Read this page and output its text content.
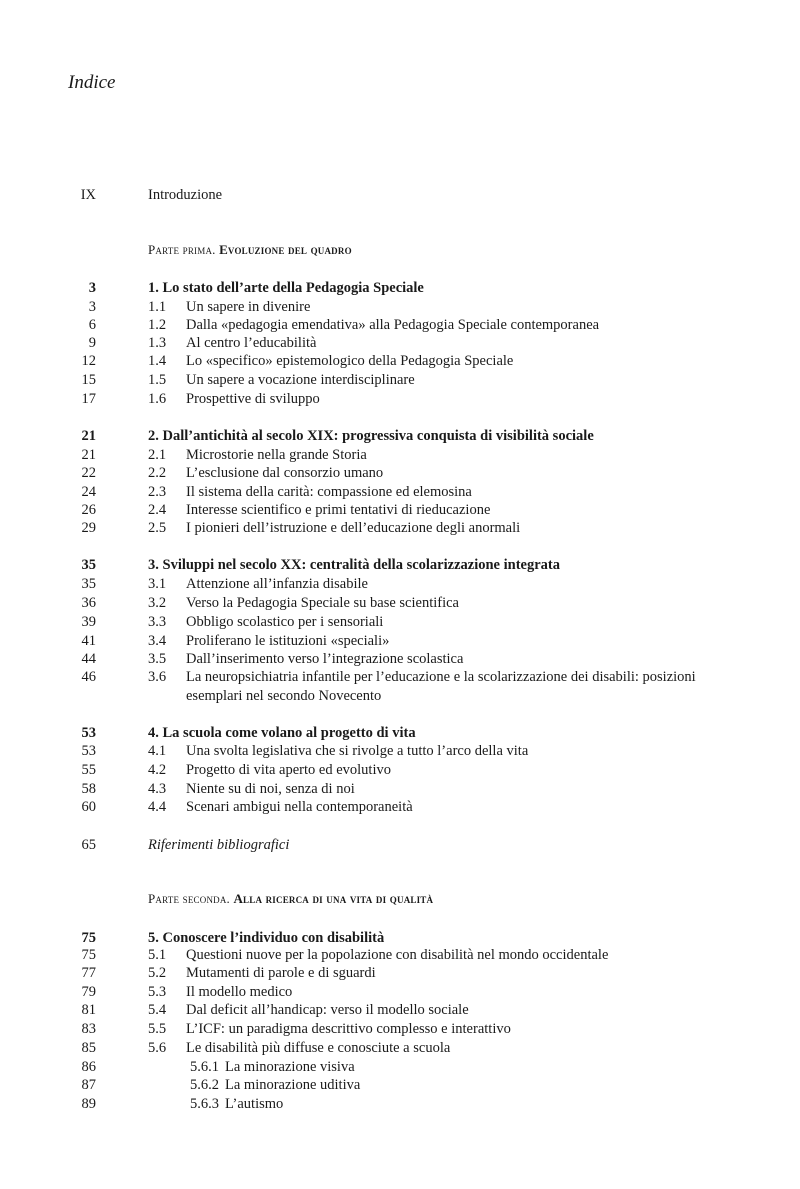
Indice
IX	Introduzione
Parte prima. Evoluzione del quadro
3	1. Lo stato dell’arte della Pedagogia Speciale
3	1.1 Un sapere in divenire
6	1.2 Dalla «pedagogia emendativa» alla Pedagogia Speciale contemporanea
9	1.3 Al centro l’educabilità
12	1.4 Lo «specifico» epistemologico della Pedagogia Speciale
15	1.5 Un sapere a vocazione interdisciplinare
17	1.6 Prospettive di sviluppo
21	2. Dall’antichità al secolo XIX: progressiva conquista di visibilità sociale
21	2.1 Microstorie nella grande Storia
22	2.2 L’esclusione dal consorzio umano
24	2.3 Il sistema della carità: compassione ed elemosina
26	2.4 Interesse scientifico e primi tentativi di rieducazione
29	2.5 I pionieri dell’istruzione e dell’educazione degli anormali
35	3. Sviluppi nel secolo XX: centralità della scolarizzazione integrata
35	3.1 Attenzione all’infanzia disabile
36	3.2 Verso la Pedagogia Speciale su base scientifica
39	3.3 Obbligo scolastico per i sensoriali
41	3.4 Proliferano le istituzioni «speciali»
44	3.5 Dall’inserimento verso l’integrazione scolastica
46	3.6 La neuropsichiatria infantile per l’educazione e la scolarizzazione dei disabili: posizioni esemplari nel secondo Novecento
53	4. La scuola come volano al progetto di vita
53	4.1 Una svolta legislativa che si rivolge a tutto l’arco della vita
55	4.2 Progetto di vita aperto ed evolutivo
58	4.3 Niente su di noi, senza di noi
60	4.4 Scenari ambigui nella contemporaneità
65	Riferimenti bibliografici
Parte seconda. Alla ricerca di una vita di qualità
75	5. Conoscere l’individuo con disabilità
75	5.1 Questioni nuove per la popolazione con disabilità nel mondo occidentale
77	5.2 Mutamenti di parole e di sguardi
79	5.3 Il modello medico
81	5.4 Dal deficit all’handicap: verso il modello sociale
83	5.5 L’ICF: un paradigma descrittivo complesso e interattivo
85	5.6 Le disabilità più diffuse e conosciute a scuola
86	5.6.1 La minorazione visiva
87	5.6.2 La minorazione uditiva
89	5.6.3 L’autismo
